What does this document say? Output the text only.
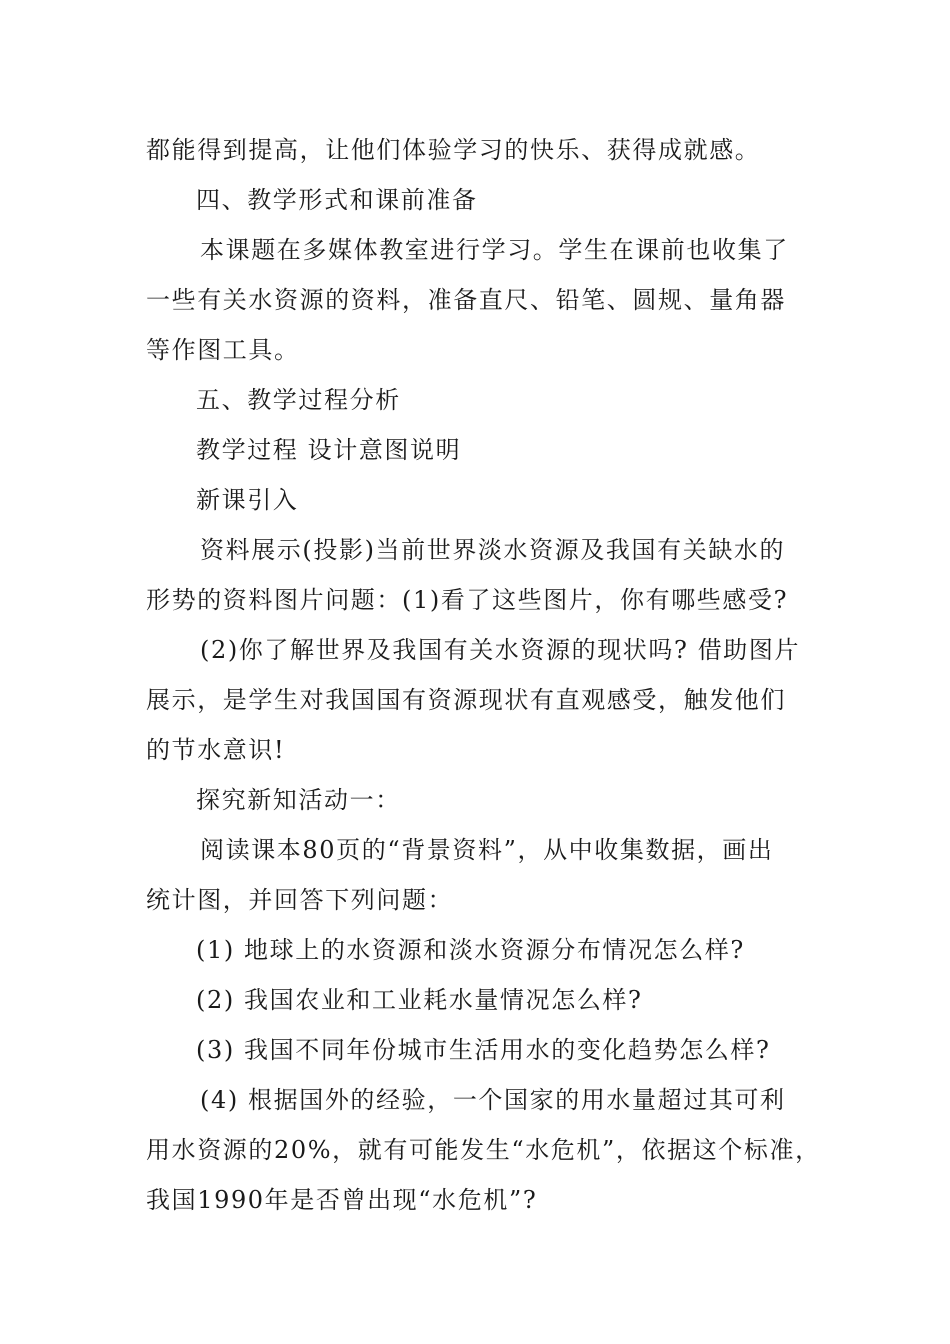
都能得到提高，让他们体验学习的快乐、获得成就感。
四、教学形式和课前准备
本课题在多媒体教室进行学习。学生在课前也收集了
一些有关水资源的资料，准备直尺、铅笔、圆规、量角器
等作图工具。
五、教学过程分析
教学过程 设计意图说明
新课引入
资料展示(投影)当前世界淡水资源及我国有关缺水的
形势的资料图片问题：(1)看了这些图片，你有哪些感受?
(2)你了解世界及我国有关水资源的现状吗? 借助图片
展示，是学生对我国国有资源现状有直观感受，触发他们
的节水意识!
探究新知活动一：
阅读课本80页的“背景资料”，从中收集数据，画出
统计图，并回答下列问题：
(1) 地球上的水资源和淡水资源分布情况怎么样?
(2) 我国农业和工业耗水量情况怎么样?
(3) 我国不同年份城市生活用水的变化趋势怎么样?
(4) 根据国外的经验，一个国家的用水量超过其可利
用水资源的20%，就有可能发生“水危机”，依据这个标准，
我国1990年是否曾出现“水危机”?
